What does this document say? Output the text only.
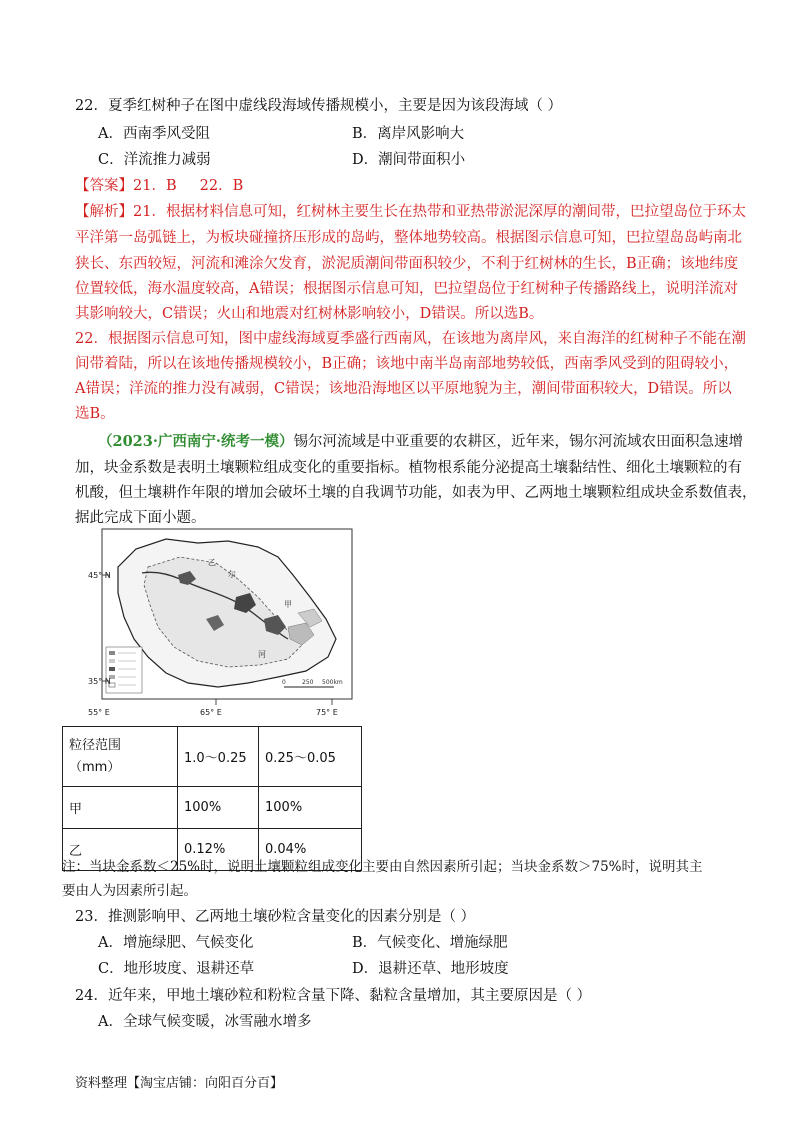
22．夏季红树种子在图中虚线段海域传播规模小，主要是因为该段海域（ ）
A．西南季风受阻	B．离岸风影响大
C．洋流推力减弱	D．潮间带面积小
【答案】21．B     22．B
【解析】21．根据材料信息可知，红树林主要生长在热带和亚热带淤泥深厚的潮间带，巴拉望岛位于环太
平洋第一岛弧链上，为板块碰撞挤压形成的岛屿，整体地势较高。根据图示信息可知，巴拉望岛岛屿南北
狭长、东西较短，河流和滩涂欠发育，淤泥质潮间带面积较少，不利于红树林的生长，B正确；该地纬度
位置较低，海水温度较高，A错误；根据图示信息可知，巴拉望岛位于红树种子传播路线上，说明洋流对
其影响较大，C错误；火山和地震对红树林影响较小，D错误。所以选B。
22．根据图示信息可知，图中虚线海域夏季盛行西南风，在该地为离岸风，来自海洋的红树种子不能在潮
间带着陆，所以在该地传播规模较小，B正确；该地中南半岛南部地势较低，西南季风受到的阻碍较小，
A错误；洋流的推力没有减弱，C错误；该地沿海地区以平原地貌为主，潮间带面积较大，D错误。所以
选B。
（2023·广西南宁·统考一模）锡尔河流域是中亚重要的农耕区，近年来，锡尔河流域农田面积急速增
加，块金系数是表明土壤颗粒组成变化的重要指标。植物根系能分泌提高土壤黏结性、细化土壤颗粒的有
机酸，但土壤耕作年限的增加会破坏土壤的自我调节功能，如表为甲、乙两地土壤颗粒组成块金系数值表，
据此完成下面小题。
乙
甲
尔
河
0	250 500km
45° N
35° N
55° E	65° E	75° E
粒径范围
（mm）	1.0～0.25	0.25～0.05
甲	100%	100%
乙	0.12%	0.04%
注：当块金系数＜25%时，说明土壤颗粒组成变化主要由自然因素所引起；当块金系数＞75%时，说明其主
要由人为因素所引起。
23．推测影响甲、乙两地土壤砂粒含量变化的因素分别是（ ）
A．增施绿肥、气候变化	B．气候变化、增施绿肥
C．地形坡度、退耕还草	D．退耕还草、地形坡度
24．近年来，甲地土壤砂粒和粉粒含量下降、黏粒含量增加，其主要原因是（ ）
A．全球气候变暖，冰雪融水增多
资料整理【淘宝店铺：向阳百分百】
